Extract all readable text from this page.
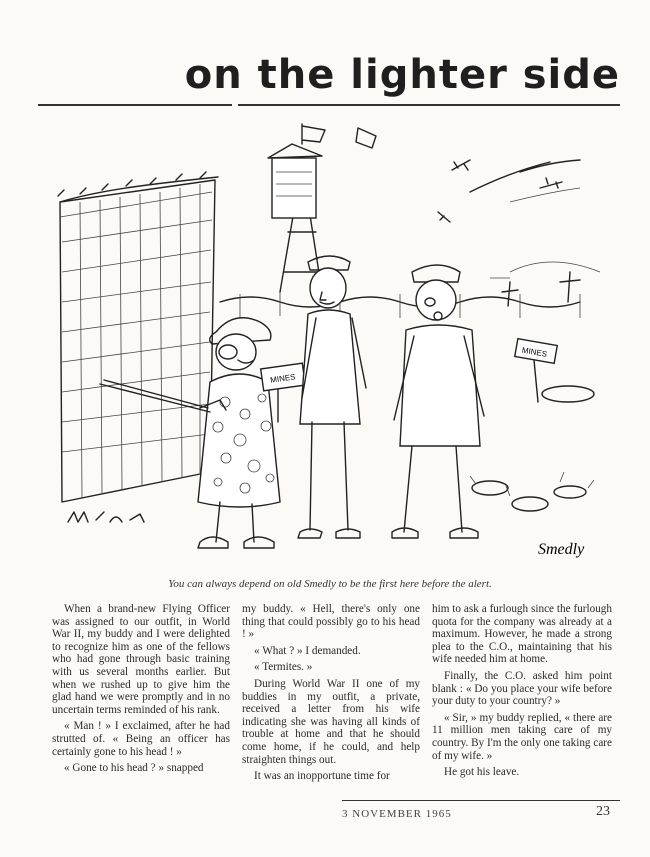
on the lighter side
MINES
MINES
Smedly
You can always depend on old Smedly to be the first here before the alert.

When a brand-new Flying Officer was assigned to our outfit, in World War II, my buddy and I were delighted to recognize him as one of the fellows who had gone through basic training with us several months earlier. But when we rushed up to give him the glad hand we were promptly and in no uncertain terms reminded of his rank.

« Man ! » I exclaimed, after he had strutted of. « Being an officer has certainly gone to his head ! »

« Gone to his head ? » snapped

my buddy. « Hell, there's only one thing that could possibly go to his head ! »

« What ? » I demanded.

« Termites. »

During World War II one of my buddies in my outfit, a private, received a letter from his wife indicating she was having all kinds of trouble at home and that he should come home, if he could, and help straighten things out.

It was an inopportune time for

him to ask a furlough since the furlough quota for the company was already at a maximum. However, he made a strong plea to the C.O., maintaining that his wife needed him at home.

Finally, the C.O. asked him point blank : « Do you place your wife before your duty to your country? »

« Sir, » my buddy replied, « there are 11 million men taking care of my country. By I'm the only one taking care of my wife. »

He got his leave.

3 NOVEMBER 1965	23
